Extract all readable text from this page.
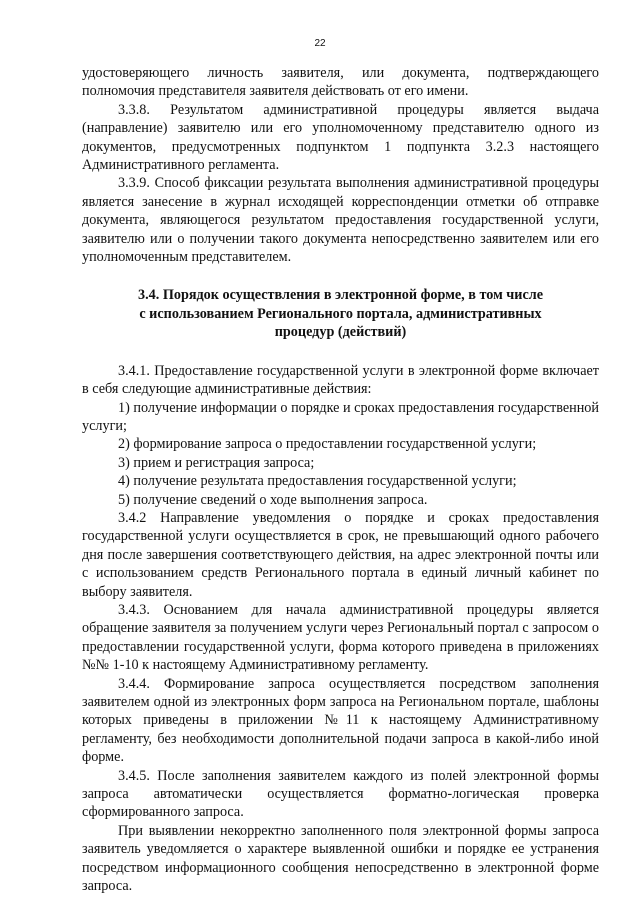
22

удостоверяющего личность заявителя, или документа, подтверждающего полномочия представителя заявителя действовать от его имени.

3.3.8. Результатом административной процедуры является выдача (направление) заявителю или его уполномоченному представителю одного из документов, предусмотренных подпунктом 1 подпункта 3.2.3 настоящего Административного регламента.

3.3.9. Способ фиксации результата выполнения административной процедуры является занесение в журнал исходящей корреспонденции отметки об отправке документа, являющегося результатом предоставления государственной услуги, заявителю или о получении такого документа непосредственно заявителем или его уполномоченным представителем.

3.4. Порядок осуществления в электронной форме, в том числе
с использованием Регионального портала, административных
процедур (действий)

3.4.1. Предоставление государственной услуги в электронной форме включает в себя следующие административные действия:

1) получение информации о порядке и сроках предоставления государственной услуги;

2) формирование запроса о предоставлении государственной услуги;

3) прием и регистрация запроса;

4) получение результата предоставления государственной услуги;

5) получение сведений о ходе выполнения запроса.

3.4.2 Направление уведомления о порядке и сроках предоставления государственной услуги осуществляется в срок, не превышающий одного рабочего дня после завершения соответствующего действия, на адрес электронной почты или с использованием средств Регионального портала в единый личный кабинет по выбору заявителя.

3.4.3. Основанием для начала административной процедуры является обращение заявителя за получением услуги через Региональный портал с запросом о предоставлении государственной услуги, форма которого приведена в приложениях №№ 1-10 к настоящему Административному регламенту.

3.4.4. Формирование запроса осуществляется посредством заполнения заявителем одной из электронных форм запроса на Региональном портале, шаблоны которых приведены в приложении №11 к настоящему Административному регламенту, без необходимости дополнительной подачи запроса в какой-либо иной форме.

3.4.5. После заполнения заявителем каждого из полей электронной формы запроса автоматически осуществляется форматно-логическая проверка сформированного запроса.

При выявлении некорректно заполненного поля электронной формы запроса заявитель уведомляется о характере выявленной ошибки и порядке ее устранения посредством информационного сообщения непосредственно в электронной форме запроса.
